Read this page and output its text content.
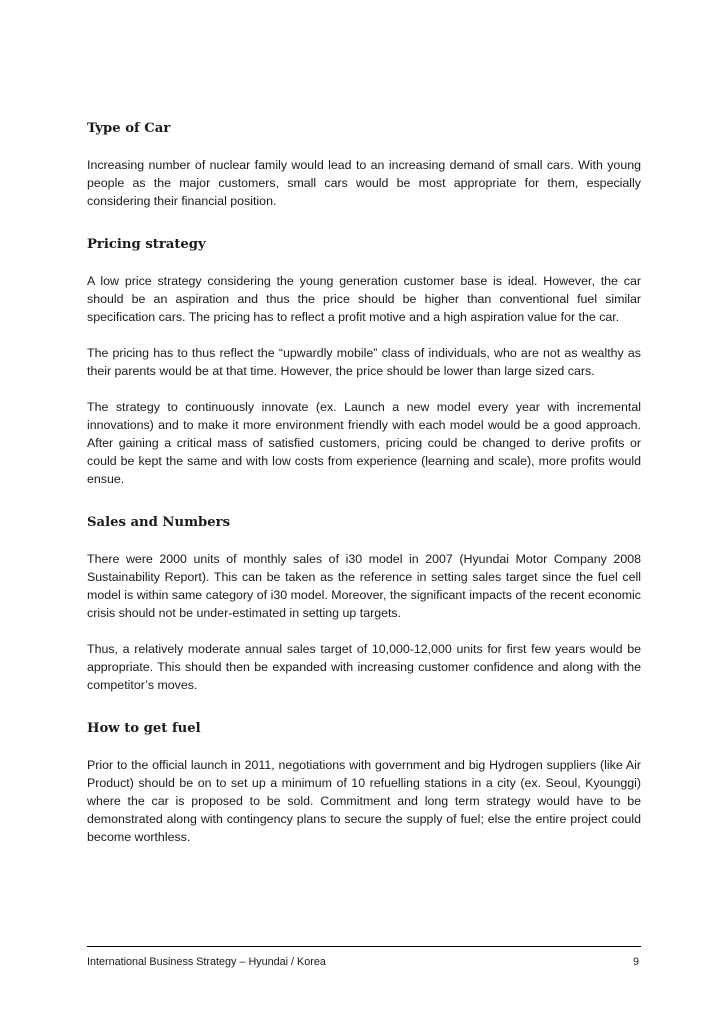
Type of Car

Increasing number of nuclear family would lead to an increasing demand of small cars. With young people as the major customers, small cars would be most appropriate for them, especially considering their financial position.

Pricing strategy

A low price strategy considering the young generation customer base is ideal. However, the car should be an aspiration and thus the price should be higher than conventional fuel similar specification cars. The pricing has to reflect a profit motive and a high aspiration value for the car.

The pricing has to thus reflect the “upwardly mobile” class of individuals, who are not as wealthy as their parents would be at that time. However, the price should be lower than large sized cars.

The strategy to continuously innovate (ex. Launch a new model every year with incremental innovations) and to make it more environment friendly with each model would be a good approach. After gaining a critical mass of satisfied customers, pricing could be changed to derive profits or could be kept the same and with low costs from experience (learning and scale), more profits would ensue.

Sales and Numbers

There were 2000 units of monthly sales of i30 model in 2007 (Hyundai Motor Company 2008 Sustainability Report). This can be taken as the reference in setting sales target since the fuel cell model is within same category of i30 model. Moreover, the significant impacts of the recent economic crisis should not be under-estimated in setting up targets.

Thus, a relatively moderate annual sales target of 10,000-12,000 units for first few years would be appropriate. This should then be expanded with increasing customer confidence and along with the competitor’s moves.

How to get fuel

Prior to the official launch in 2011, negotiations with government and big Hydrogen suppliers (like Air Product) should be on to set up a minimum of 10 refuelling stations in a city (ex. Seoul, Kyounggi) where the car is proposed to be sold. Commitment and long term strategy would have to be demonstrated along with contingency plans to secure the supply of fuel; else the entire project could become worthless.

International Business Strategy – Hyundai / Korea	9
